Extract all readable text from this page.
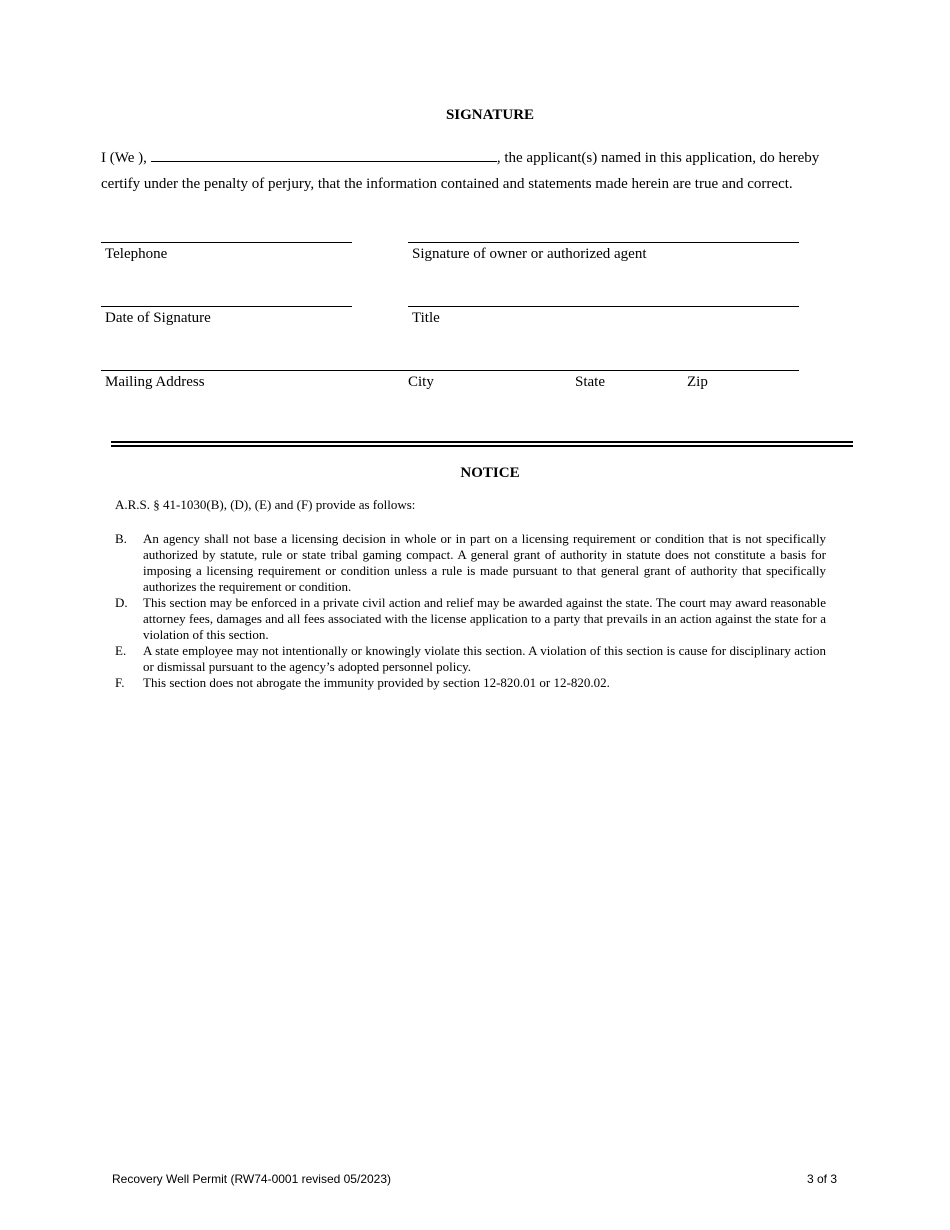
SIGNATURE
I (We ),	, the applicant(s) named in this application, do hereby
certify under the penalty of perjury, that the information contained and statements made herein are true and correct.
Telephone	Signature of owner or authorized agent
Date of Signature	Title
Mailing Address	City	State	Zip
NOTICE
A.R.S. § 41-1030(B), (D), (E) and (F) provide as follows:
B.	An agency shall not base a licensing decision in whole or in part on a licensing requirement or condition that is not specifically authorized by statute, rule or state tribal gaming compact. A general grant of authority in statute does not constitute a basis for imposing a licensing requirement or condition unless a rule is made pursuant to that general grant of authority that specifically authorizes the requirement or condition.
D.	This section may be enforced in a private civil action and relief may be awarded against the state. The court may award reasonable attorney fees, damages and all fees associated with the license application to a party that prevails in an action against the state for a violation of this section.
E.	A state employee may not intentionally or knowingly violate this section. A violation of this section is cause for disciplinary action or dismissal pursuant to the agency’s adopted personnel policy.
F.	This section does not abrogate the immunity provided by section 12-820.01 or 12-820.02.
Recovery Well Permit (RW74-0001 revised 05/2023)	3 of 3
